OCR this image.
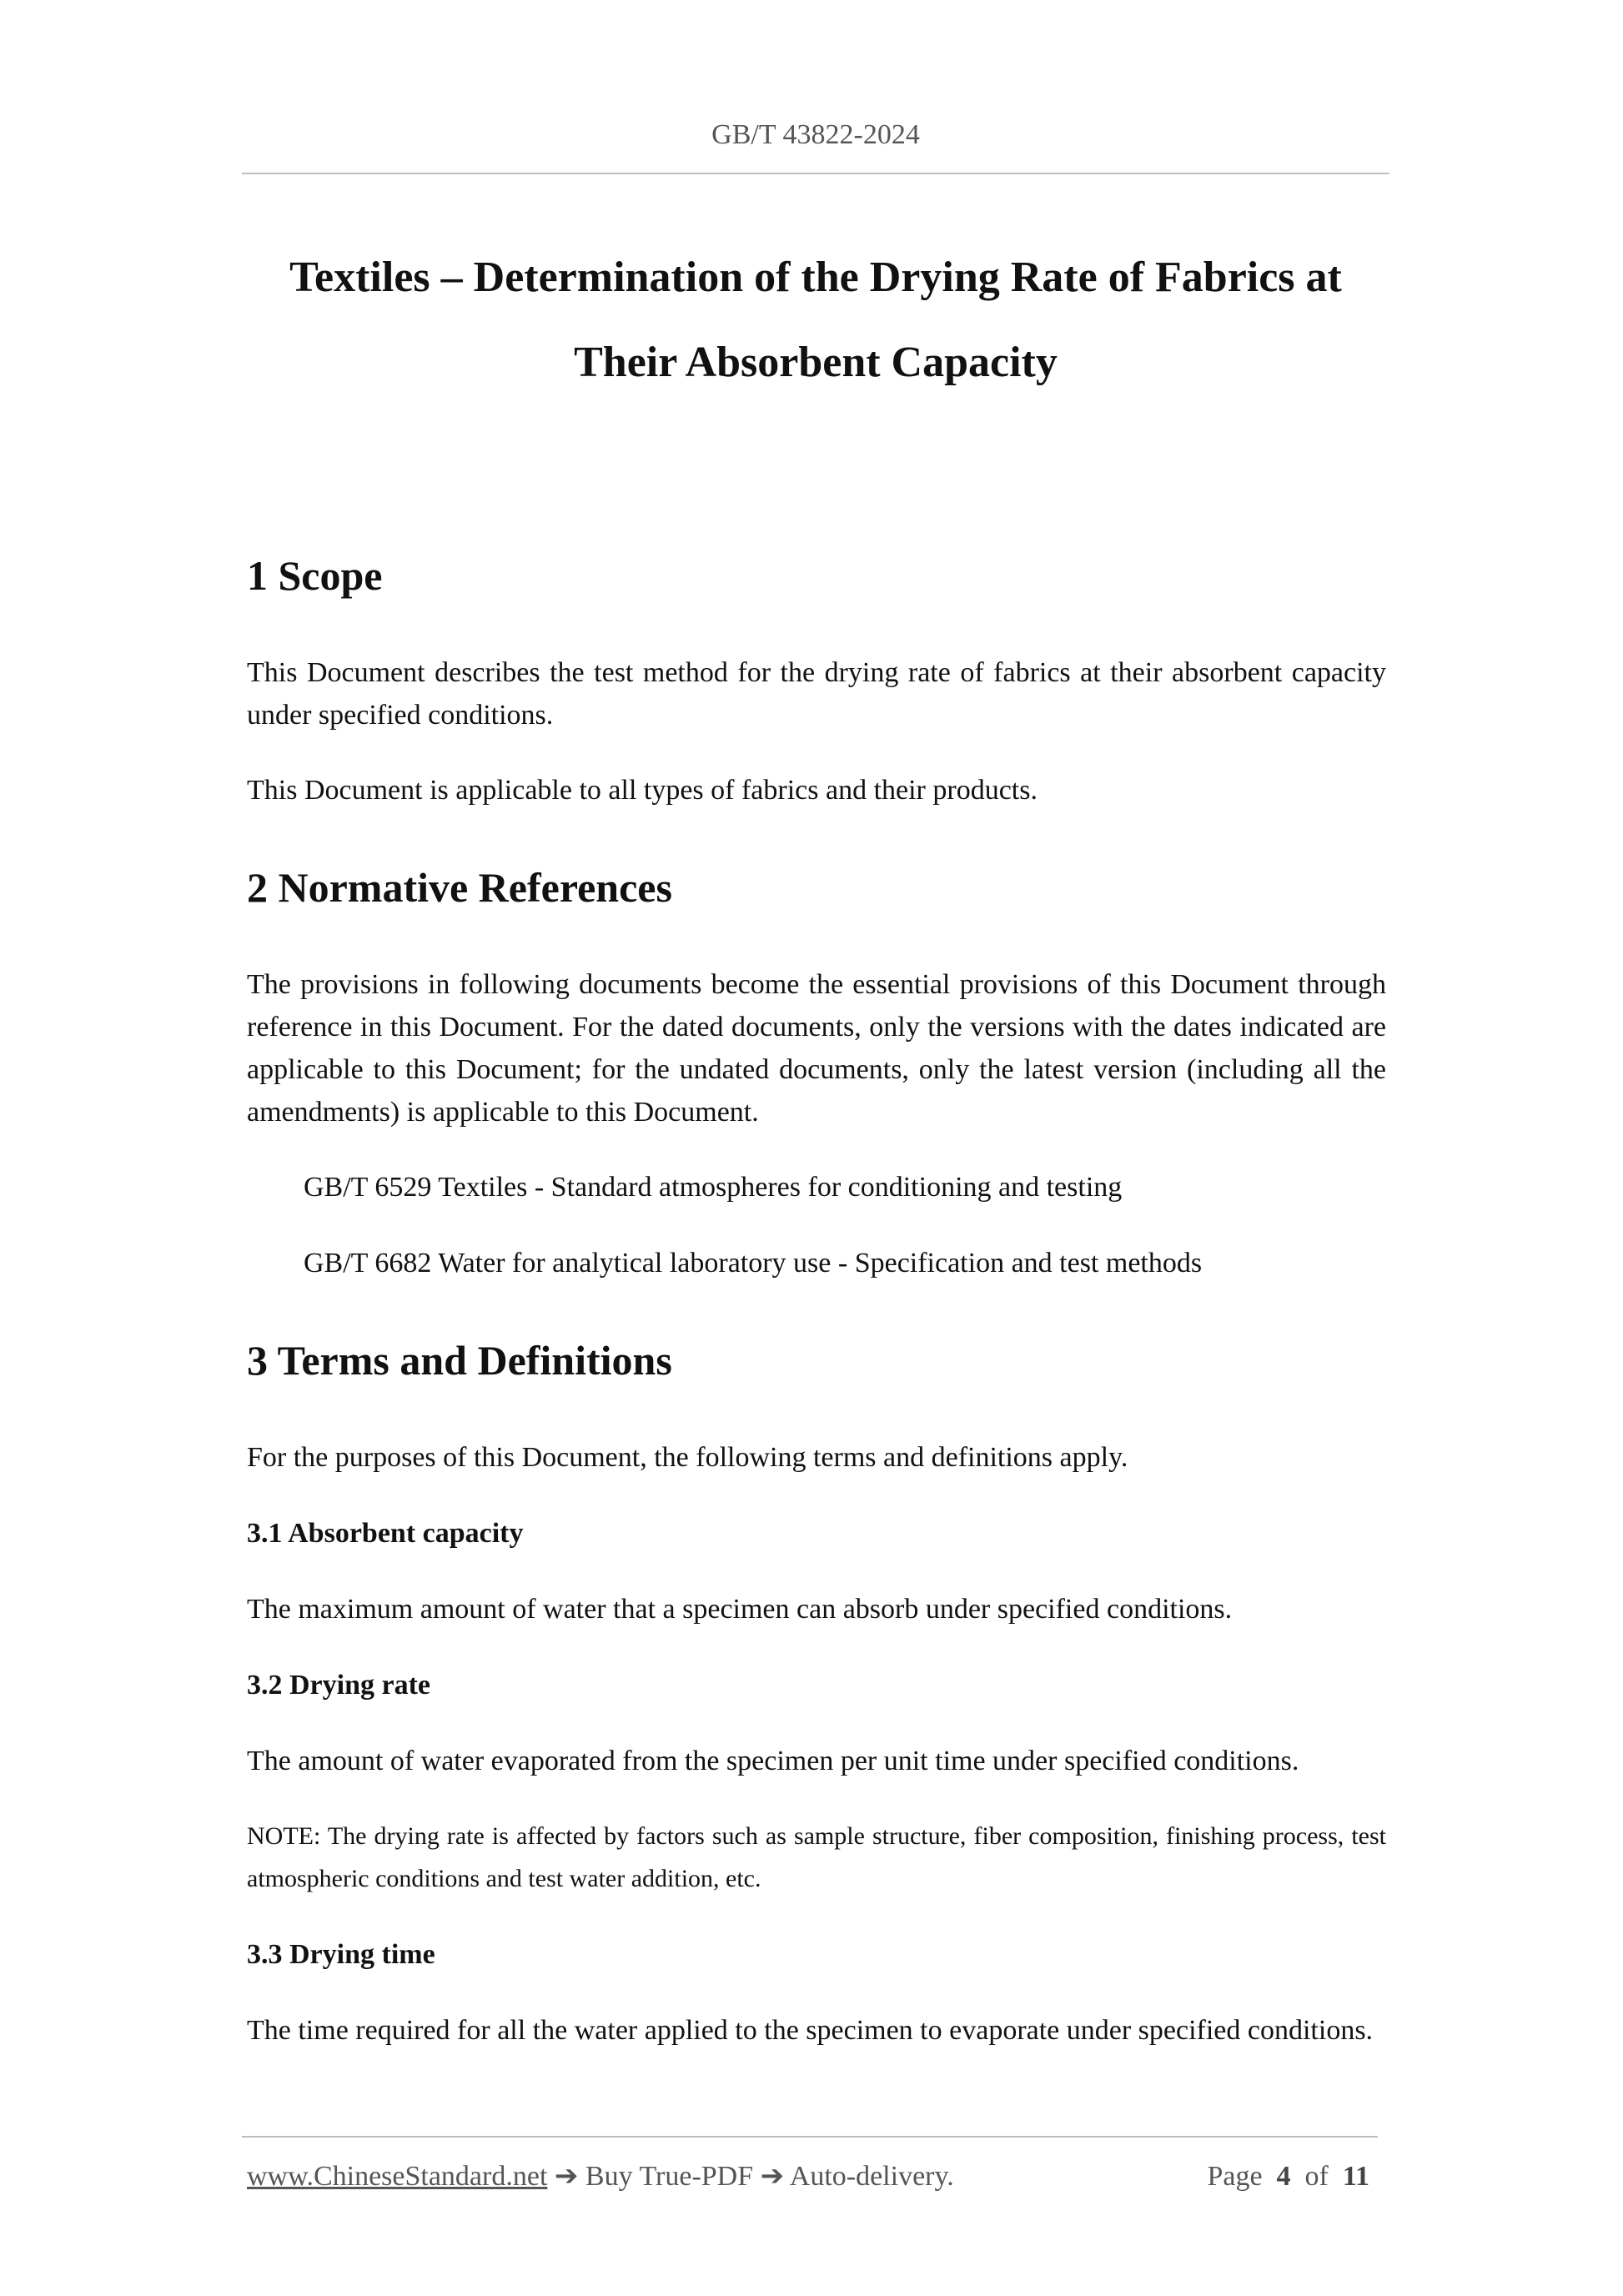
GB/T 43822-2024
Textiles – Determination of the Drying Rate of Fabrics at
Their Absorbent Capacity
1 Scope

This Document describes the test method for the drying rate of fabrics at their absorbent capacity under specified conditions.

This Document is applicable to all types of fabrics and their products.

2 Normative References

The provisions in following documents become the essential provisions of this Document through reference in this Document. For the dated documents, only the versions with the dates indicated are applicable to this Document; for the undated documents, only the latest version (including all the amendments) is applicable to this Document.

GB/T 6529 Textiles - Standard atmospheres for conditioning and testing

GB/T 6682 Water for analytical laboratory use - Specification and test methods

3 Terms and Definitions

For the purposes of this Document, the following terms and definitions apply.

3.1 Absorbent capacity

The maximum amount of water that a specimen can absorb under specified conditions.

3.2 Drying rate

The amount of water evaporated from the specimen per unit time under specified conditions.

NOTE: The drying rate is affected by factors such as sample structure, fiber composition, finishing process, test atmospheric conditions and test water addition, etc.

3.3 Drying time

The time required for all the water applied to the specimen to evaporate under specified conditions.

www.ChineseStandard.net ➔ Buy True-PDF ➔ Auto-delivery.	Page 4 of 11
